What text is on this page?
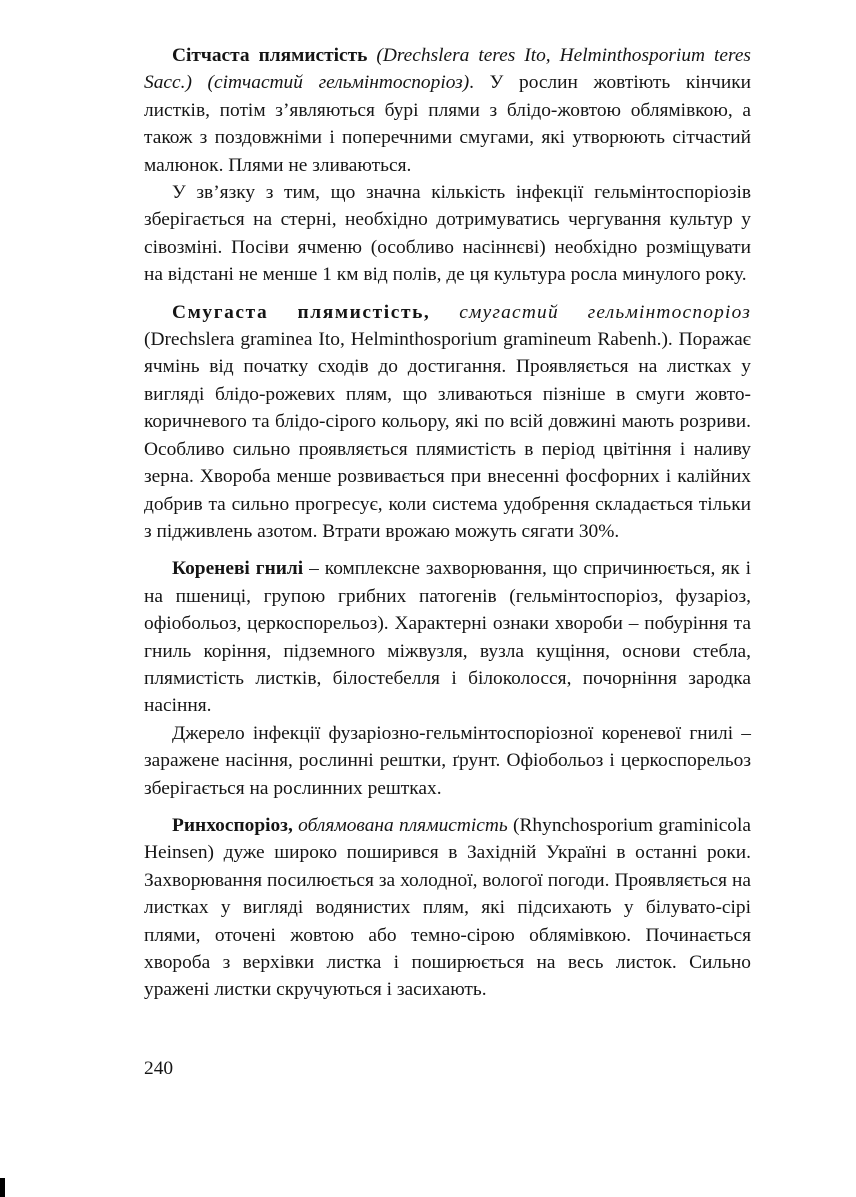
Сітчаста плямистість (Drechslera teres Ito, Helminthosporium teres Sacc.) (сітчастий гельмінтоспоріоз). У рослин жовтіють кінчики листків, потім з’являються бурі плями з блідо-жовтою облямівкою, а також з поздовжніми і поперечними смугами, які утворюють сітчастий малюнок. Плями не зливаються.

У зв’язку з тим, що значна кількість інфекції гельмінтоспоріозів зберігається на стерні, необхідно дотримуватись чергування культур у сівозміні. Посіви ячменю (особливо насіннєві) необхідно розміщувати на відстані не менше 1 км від полів, де ця культура росла минулого року.

Смугаста плямистість, смугастий гельмінтоспоріоз (Drechslera graminea Ito, Helminthosporium gramineum Rabenh.). Поражає ячмінь від початку сходів до достигання. Проявляється на листках у вигляді блідо-рожевих плям, що зливаються пізніше в смуги жовто-коричневого та блідо-сірого кольору, які по всій довжині мають розриви. Особливо сильно проявляється плямистість в період цвітіння і наливу зерна. Хвороба менше розвивається при внесенні фосфорних і калійних добрив та сильно прогресує, коли система удобрення складається тільки з підживлень азотом. Втрати врожаю можуть сягати 30%.

Кореневі гнилі – комплексне захворювання, що спричинюється, як і на пшениці, групою грибних патогенів (гельмінтоспоріоз, фузаріоз, офіобольоз, церкоспорельоз). Характерні ознаки хвороби – побуріння та гниль коріння, підземного міжвузля, вузла кущіння, основи стебла, плямистість листків, білостебелля і білоколосся, почорніння зародка насіння.

Джерело інфекції фузаріозно-гельмінтоспоріозної кореневої гнилі – заражене насіння, рослинні рештки, ґрунт. Офіобольоз і церкоспорельоз зберігається на рослинних рештках.

Ринхоспоріоз, облямована плямистість (Rhynchosporium graminicola Heinsen) дуже широко поширився в Західній Україні в останні роки. Захворювання посилюється за холодної, вологої погоди. Проявляється на листках у вигляді водянистих плям, які підсихають у білувато-сірі плями, оточені жовтою або темно-сірою облямівкою. Починається хвороба з верхівки листка і поширюється на весь листок. Сильно уражені листки скручуються і засихають.

240
